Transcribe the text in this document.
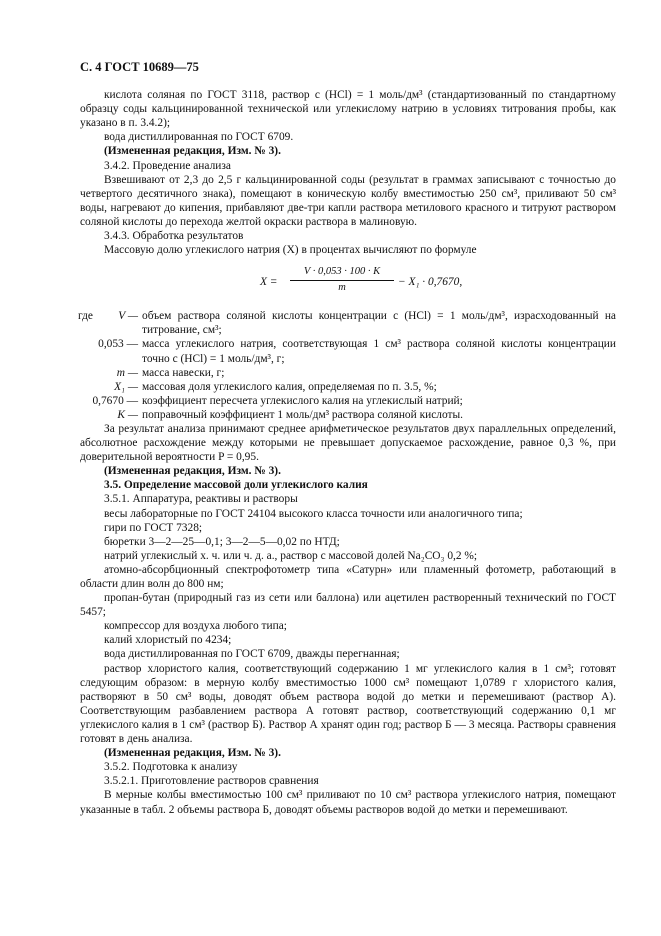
С. 4 ГОСТ 10689—75

кислота соляная по ГОСТ 3118, раствор c (HCl) = 1 моль/дм³ (стандартизованный по стандартному образцу соды кальцинированной технической или углекислому натрию в условиях титрования пробы, как указано в п. 3.4.2);

вода дистиллированная по ГОСТ 6709.

(Измененная редакция, Изм. № 3).

3.4.2. Проведение анализа

Взвешивают от 2,3 до 2,5 г кальцинированной соды (результат в граммах записывают с точностью до четвертого десятичного знака), помещают в коническую колбу вместимостью 250 см³, приливают 50 см³ воды, нагревают до кипения, прибавляют две-три капли раствора метилового красного и титруют раствором соляной кислоты до перехода желтой окраски раствора в малиновую.

3.4.3. Обработка результатов

Массовую долю углекислого натрия (X) в процентах вычисляют по формуле

$X = \frac{V \cdot 0,053 \cdot 100 \cdot K}{m} - X_1 \cdot 0,7670$,
где	V — объем раствора соляной кислоты концентрации c (HCl) = 1 моль/дм³, израсходованный на титрование, см³;
0,053 — масса углекислого натрия, соответствующая 1 см³ раствора соляной кислоты концентрации точно c (HCl) = 1 моль/дм³, г;
m — масса навески, г;
X₁ — массовая доля углекислого калия, определяемая по п. 3.5, %;
0,7670 — коэффициент пересчета углекислого калия на углекислый натрий;
K — поправочный коэффициент 1 моль/дм³ раствора соляной кислоты.

За результат анализа принимают среднее арифметическое результатов двух параллельных определений, абсолютное расхождение между которыми не превышает допускаемое расхождение, равное 0,3 %, при доверительной вероятности P = 0,95.

(Измененная редакция, Изм. № 3).

3.5. Определение массовой доли углекислого калия

3.5.1. Аппаратура, реактивы и растворы

весы лабораторные по ГОСТ 24104 высокого класса точности или аналогичного типа;

гири по ГОСТ 7328;

бюретки 3—2—25—0,1; 3—2—5—0,02 по НТД;

натрий углекислый х. ч. или ч. д. а., раствор с массовой долей Na₂CO₃ 0,2 %;

атомно-абсорбционный спектрофотометр типа «Сатурн» или пламенный фотометр, работающий в области длин волн до 800 нм;

пропан-бутан (природный газ из сети или баллона) или ацетилен растворенный технический по ГОСТ 5457;

компрессор для воздуха любого типа;

калий хлористый по 4234;

вода дистиллированная по ГОСТ 6709, дважды перегнанная;

раствор хлористого калия, соответствующий содержанию 1 мг углекислого калия в 1 см³; готовят следующим образом: в мерную колбу вместимостью 1000 см³ помещают 1,0789 г хлористого калия, растворяют в 50 см³ воды, доводят объем раствора водой до метки и перемешивают (раствор А). Соответствующим разбавлением раствора А готовят раствор, соответствующий содержанию 0,1 мг углекислого калия в 1 см³ (раствор Б). Раствор А хранят один год; раствор Б — 3 месяца. Растворы сравнения готовят в день анализа.

(Измененная редакция, Изм. № 3).

3.5.2. Подготовка к анализу

3.5.2.1. Приготовление растворов сравнения

В мерные колбы вместимостью 100 см³ приливают по 10 см³ раствора углекислого натрия, помещают указанные в табл. 2 объемы раствора Б, доводят объемы растворов водой до метки и перемешивают.
